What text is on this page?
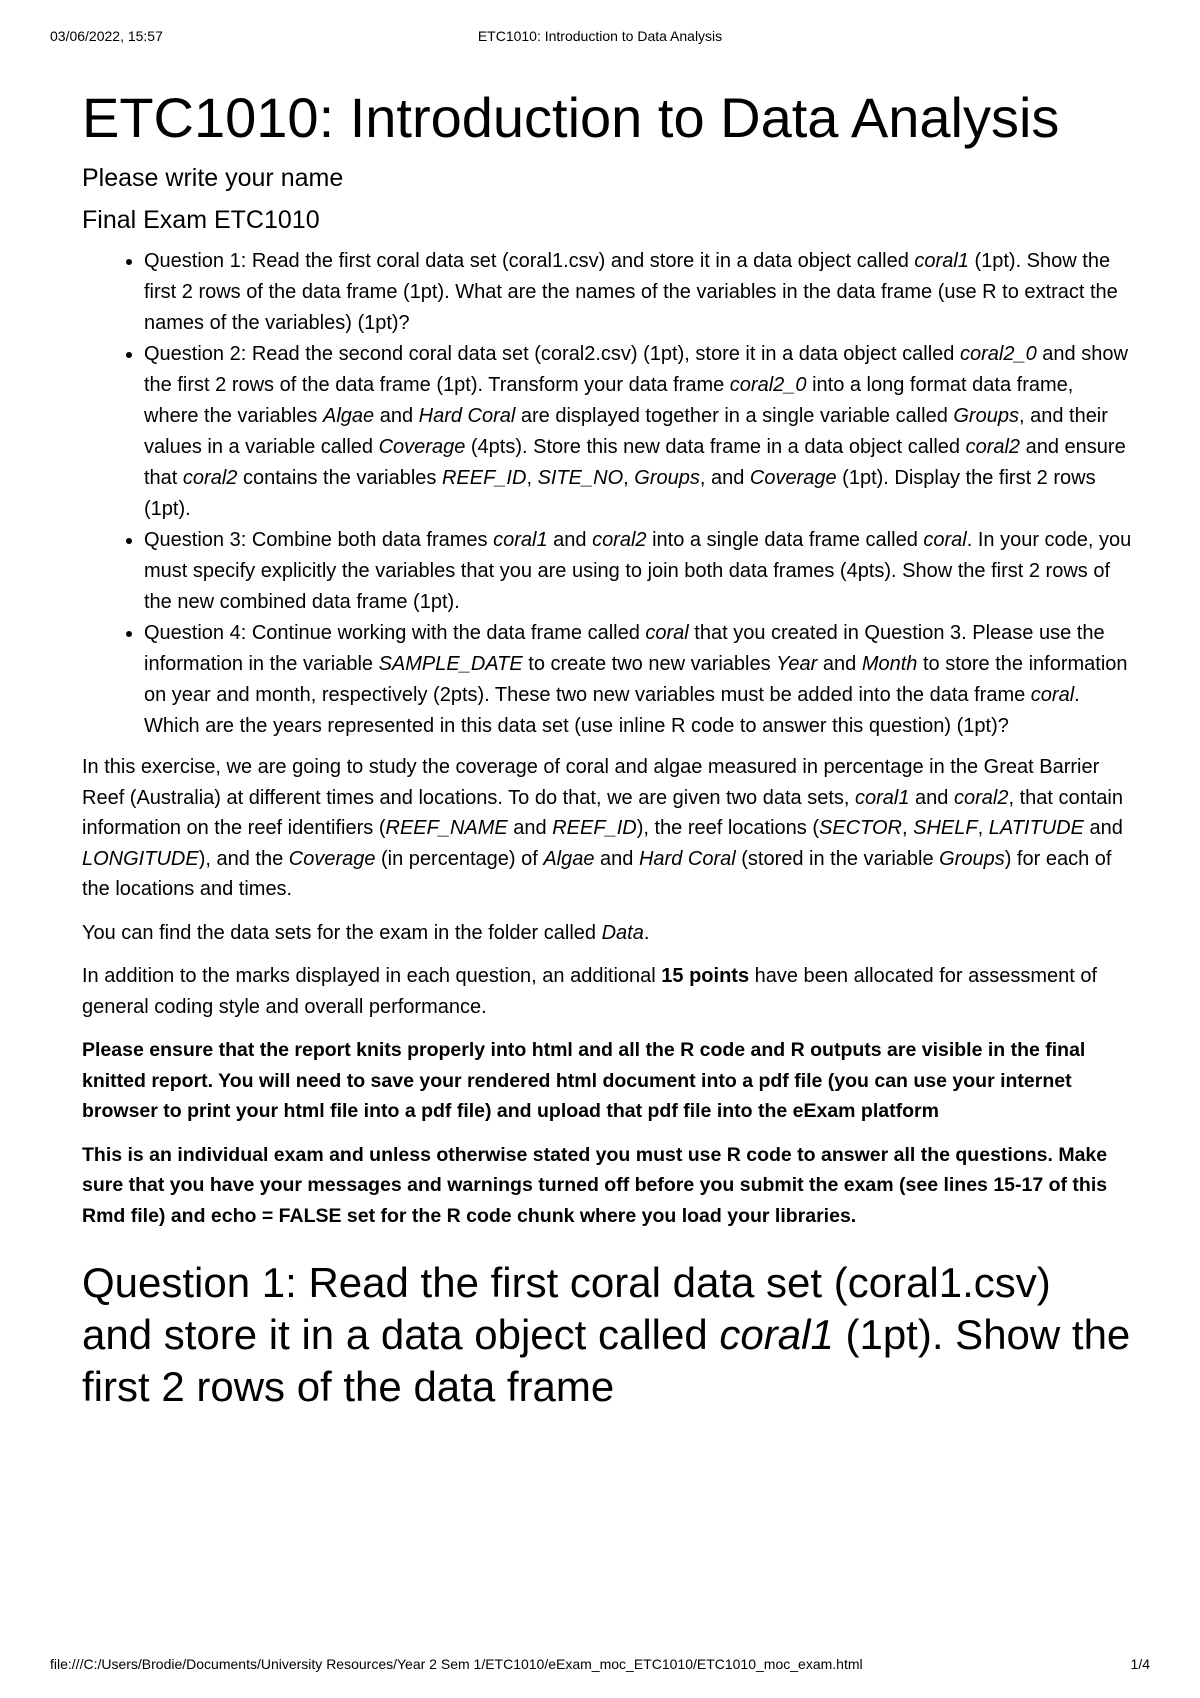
03/06/2022, 15:57	ETC1010: Introduction to Data Analysis
ETC1010: Introduction to Data Analysis
Please write your name
Final Exam ETC1010
• Question 1: Read the first coral data set (coral1.csv) and store it in a data object called coral1 (1pt). Show the first 2 rows of the data frame (1pt). What are the names of the variables in the data frame (use R to extract the names of the variables) (1pt)?
• Question 2: Read the second coral data set (coral2.csv) (1pt), store it in a data object called coral2_0 and show the first 2 rows of the data frame (1pt). Transform your data frame coral2_0 into a long format data frame, where the variables Algae and Hard Coral are displayed together in a single variable called Groups, and their values in a variable called Coverage (4pts). Store this new data frame in a data object called coral2 and ensure that coral2 contains the variables REEF_ID, SITE_NO, Groups, and Coverage (1pt). Display the first 2 rows (1pt).
• Question 3: Combine both data frames coral1 and coral2 into a single data frame called coral. In your code, you must specify explicitly the variables that you are using to join both data frames (4pts). Show the first 2 rows of the new combined data frame (1pt).
• Question 4: Continue working with the data frame called coral that you created in Question 3. Please use the information in the variable SAMPLE_DATE to create two new variables Year and Month to store the information on year and month, respectively (2pts). These two new variables must be added into the data frame coral. Which are the years represented in this data set (use inline R code to answer this question) (1pt)?

In this exercise, we are going to study the coverage of coral and algae measured in percentage in the Great Barrier Reef (Australia) at different times and locations. To do that, we are given two data sets, coral1 and coral2, that contain information on the reef identifiers (REEF_NAME and REEF_ID), the reef locations (SECTOR, SHELF, LATITUDE and LONGITUDE), and the Coverage (in percentage) of Algae and Hard Coral (stored in the variable Groups) for each of the locations and times.

You can find the data sets for the exam in the folder called Data.

In addition to the marks displayed in each question, an additional 15 points have been allocated for assessment of general coding style and overall performance.

Please ensure that the report knits properly into html and all the R code and R outputs are visible in the final knitted report. You will need to save your rendered html document into a pdf file (you can use your internet browser to print your html file into a pdf file) and upload that pdf file into the eExam platform

This is an individual exam and unless otherwise stated you must use R code to answer all the questions. Make sure that you have your messages and warnings turned off before you submit the exam (see lines 15-17 of this Rmd file) and echo = FALSE set for the R code chunk where you load your libraries.

Question 1: Read the first coral data set (coral1.csv) and store it in a data object called coral1 (1pt). Show the first 2 rows of the data frame
file:///C:/Users/Brodie/Documents/University Resources/Year 2 Sem 1/ETC1010/eExam_moc_ETC1010/ETC1010_moc_exam.html	1/4
